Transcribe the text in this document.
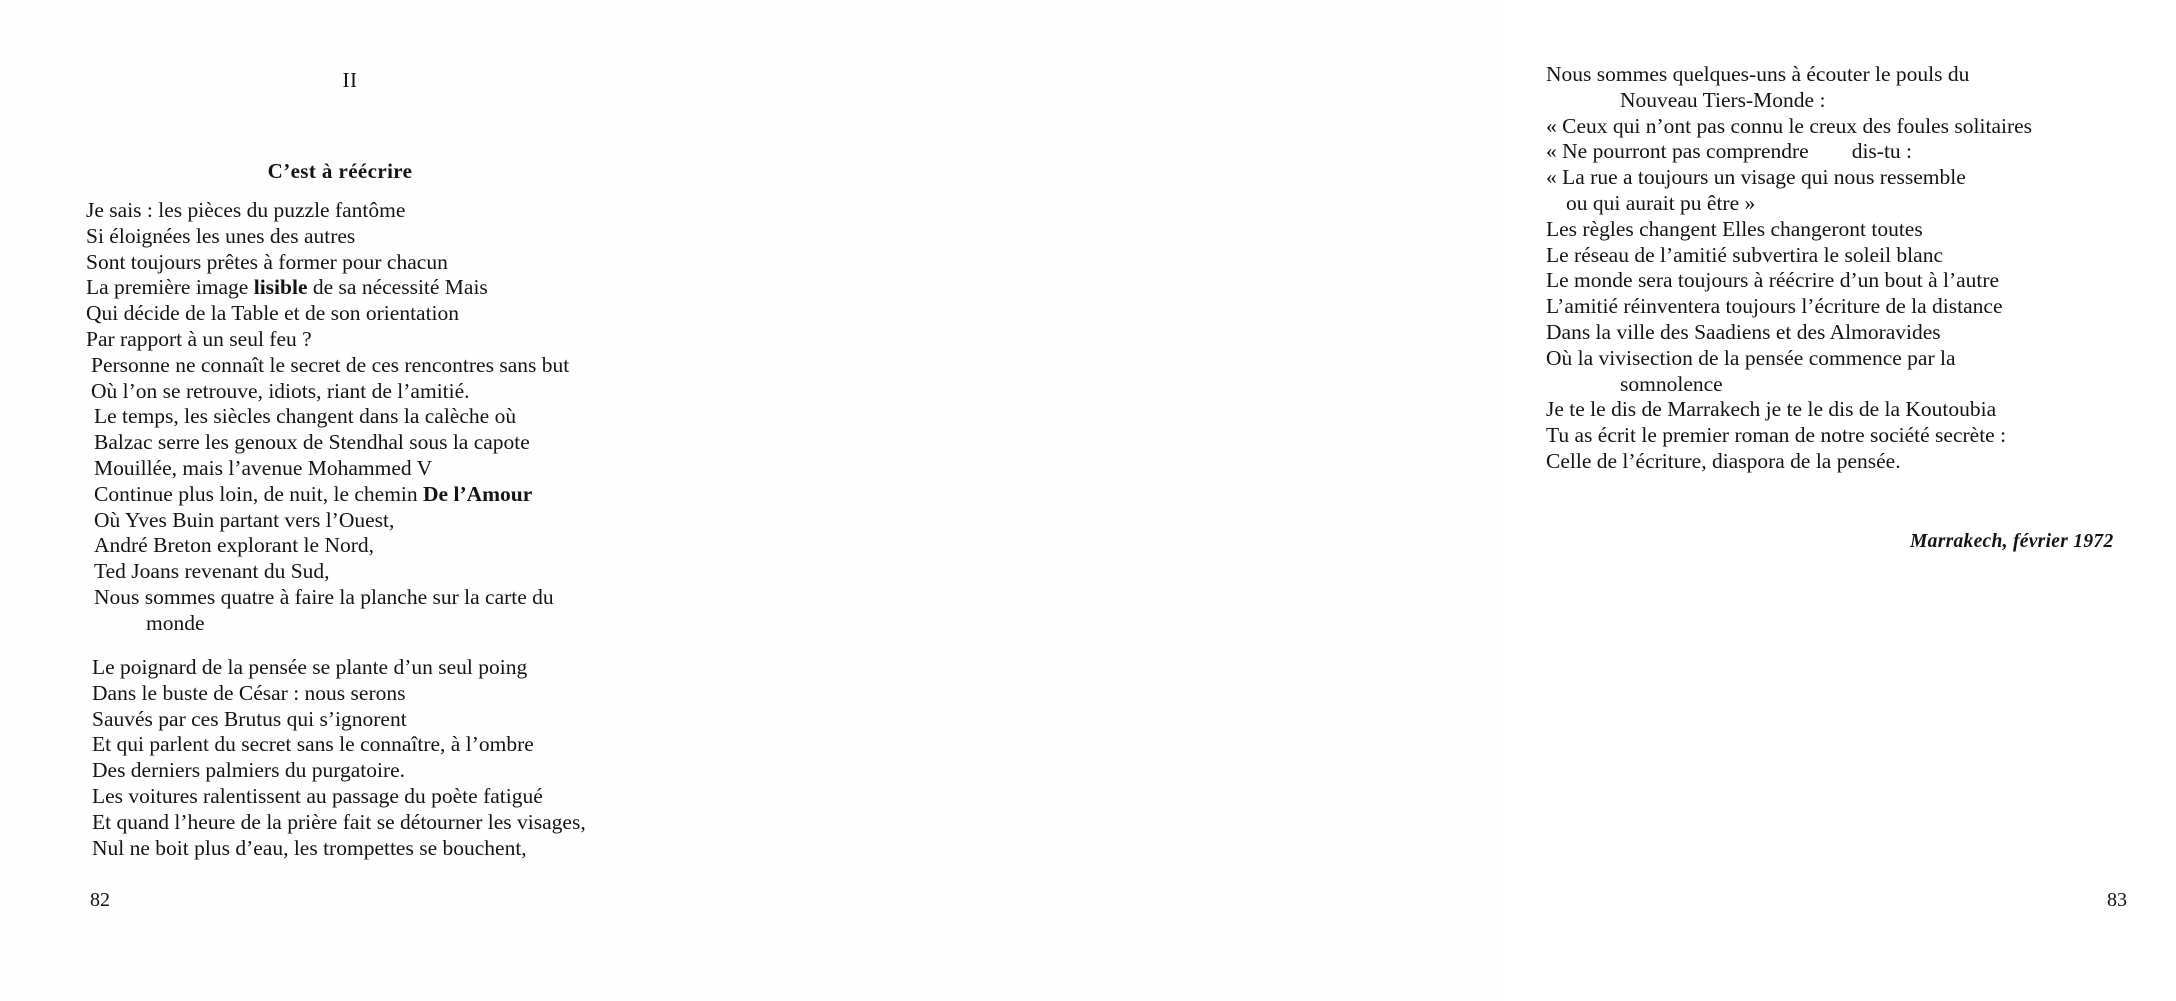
II
C’est à réécrire
Je sais : les pièces du puzzle fantôme
Si éloignées les unes des autres
Sont toujours prêtes à former pour chacun
La première image lisible de sa nécessité Mais
Qui décide de la Table et de son orientation
Par rapport à un seul feu ?
Personne ne connaît le secret de ces rencontres sans but
Où l’on se retrouve, idiots, riant de l’amitié.
Le temps, les siècles changent dans la calèche où
Balzac serre les genoux de Stendhal sous la capote
Mouillée, mais l’avenue Mohammed V
Continue plus loin, de nuit, le chemin De l’Amour
Où Yves Buin partant vers l’Ouest,
André Breton explorant le Nord,
Ted Joans revenant du Sud,
Nous sommes quatre à faire la planche sur la carte du
monde
Le poignard de la pensée se plante d’un seul poing
Dans le buste de César : nous serons
Sauvés par ces Brutus qui s’ignorent
Et qui parlent du secret sans le connaître, à l’ombre
Des derniers palmiers du purgatoire.
Les voitures ralentissent au passage du poète fatigué
Et quand l’heure de la prière fait se détourner les visages,
Nul ne boit plus d’eau, les trompettes se bouchent,
82
Nous sommes quelques-uns à écouter le pouls du
Nouveau Tiers-Monde :
« Ceux qui n’ont pas connu le creux des foules solitaires
« Ne pourront pas comprendre        dis-tu :
« La rue a toujours un visage qui nous ressemble
ou qui aurait pu être »
Les règles changent Elles changeront toutes
Le réseau de l’amitié subvertira le soleil blanc
Le monde sera toujours à réécrire d’un bout à l’autre
L’amitié réinventera toujours l’écriture de la distance
Dans la ville des Saadiens et des Almoravides
Où la vivisection de la pensée commence par la
somnolence
Je te le dis de Marrakech je te le dis de la Koutoubia
Tu as écrit le premier roman de notre société secrète :
Celle de l’écriture, diaspora de la pensée.
Marrakech, février 1972
83
